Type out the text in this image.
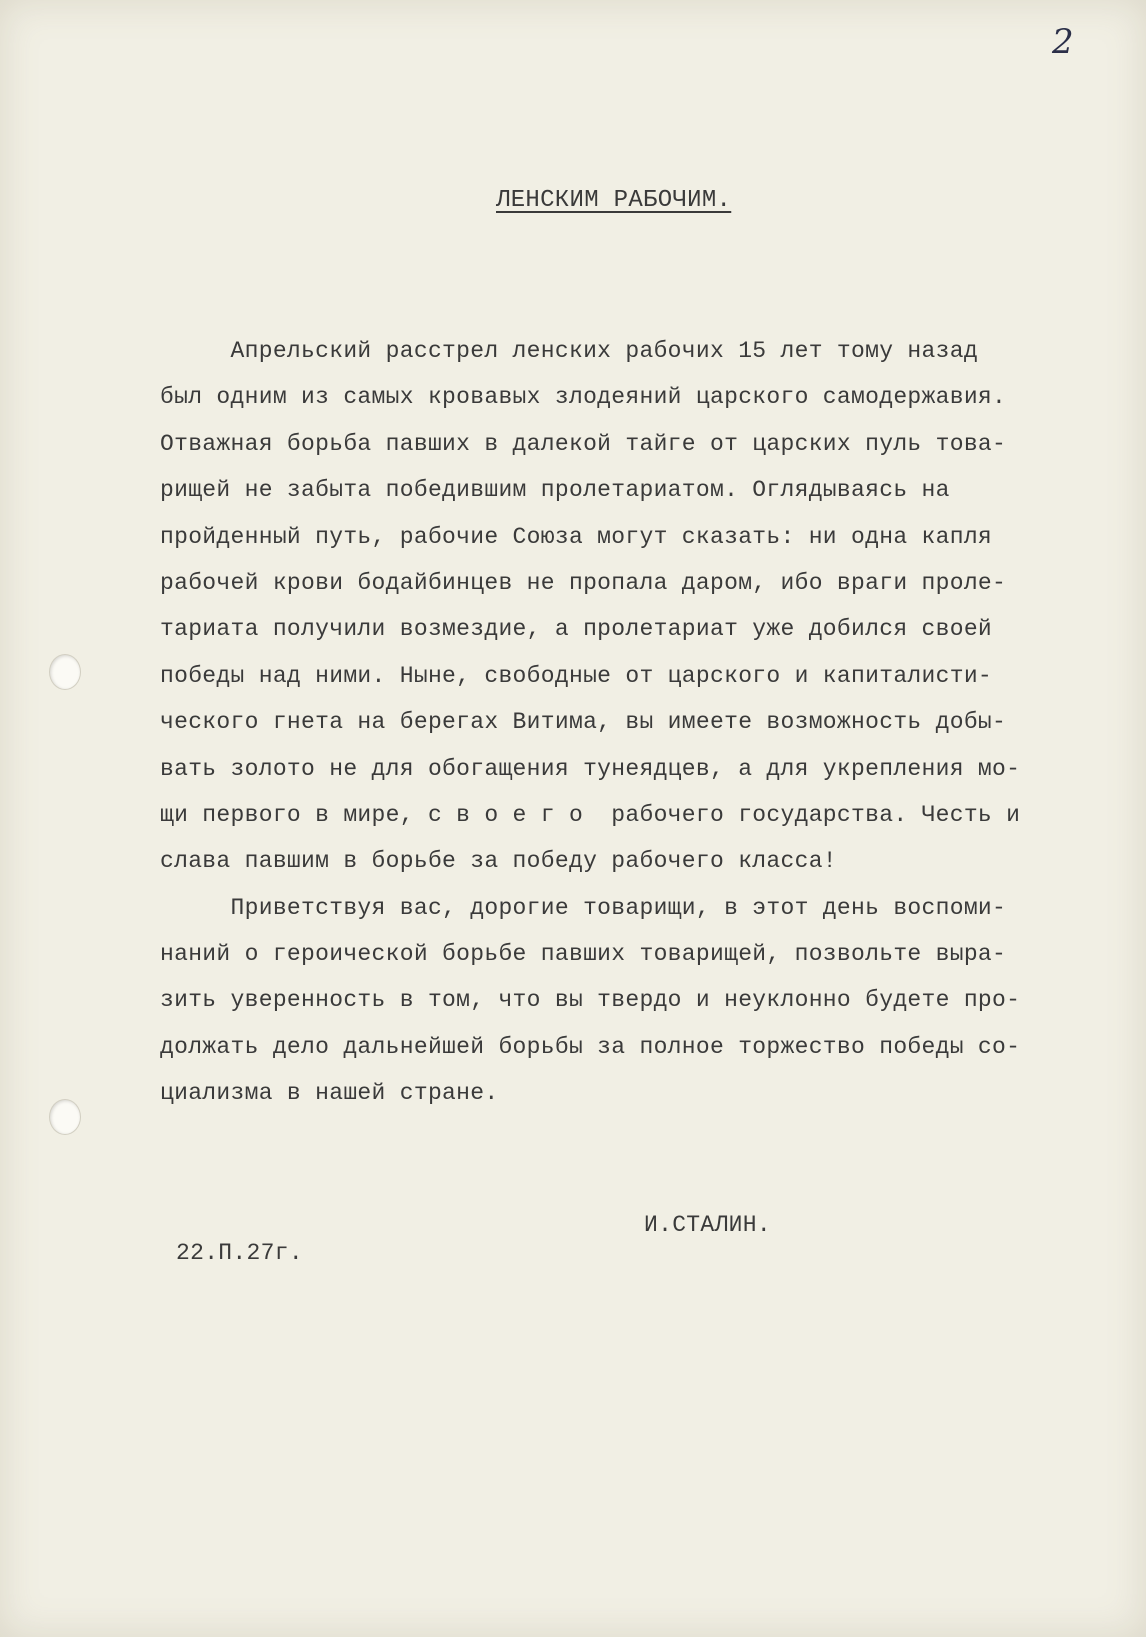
2
ЛЕНСКИМ РАБОЧИМ.
Апрельский расстрел ленских рабочих 15 лет тому назад
был одним из самых кровавых злодеяний царского самодержавия.
Отважная борьба павших в далекой тайге от царских пуль това-
рищей не забыта победившим пролетариатом. Оглядываясь на
пройденный путь, рабочие Союза могут сказать: ни одна капля
рабочей крови бодайбинцев не пропала даром, ибо враги проле-
тариата получили возмездие, а пролетариат уже добился своей
победы над ними. Ныне, свободные от царского и капиталисти-
ческого гнета на берегах Витима, вы имеете возможность добы-
вать золото не для обогащения тунеядцев, а для укрепления мо-
щи первого в мире, с в о е г о  рабочего государства. Честь и
слава павшим в борьбе за победу рабочего класса!
Приветствуя вас, дорогие товарищи, в этот день воспоми-
наний о героической борьбе павших товарищей, позвольте выра-
зить уверенность в том, что вы твердо и неуклонно будете про-
должать дело дальнейшей борьбы за полное торжество победы со-
циализма в нашей стране.
И.СТАЛИН.
22.П.27г.
